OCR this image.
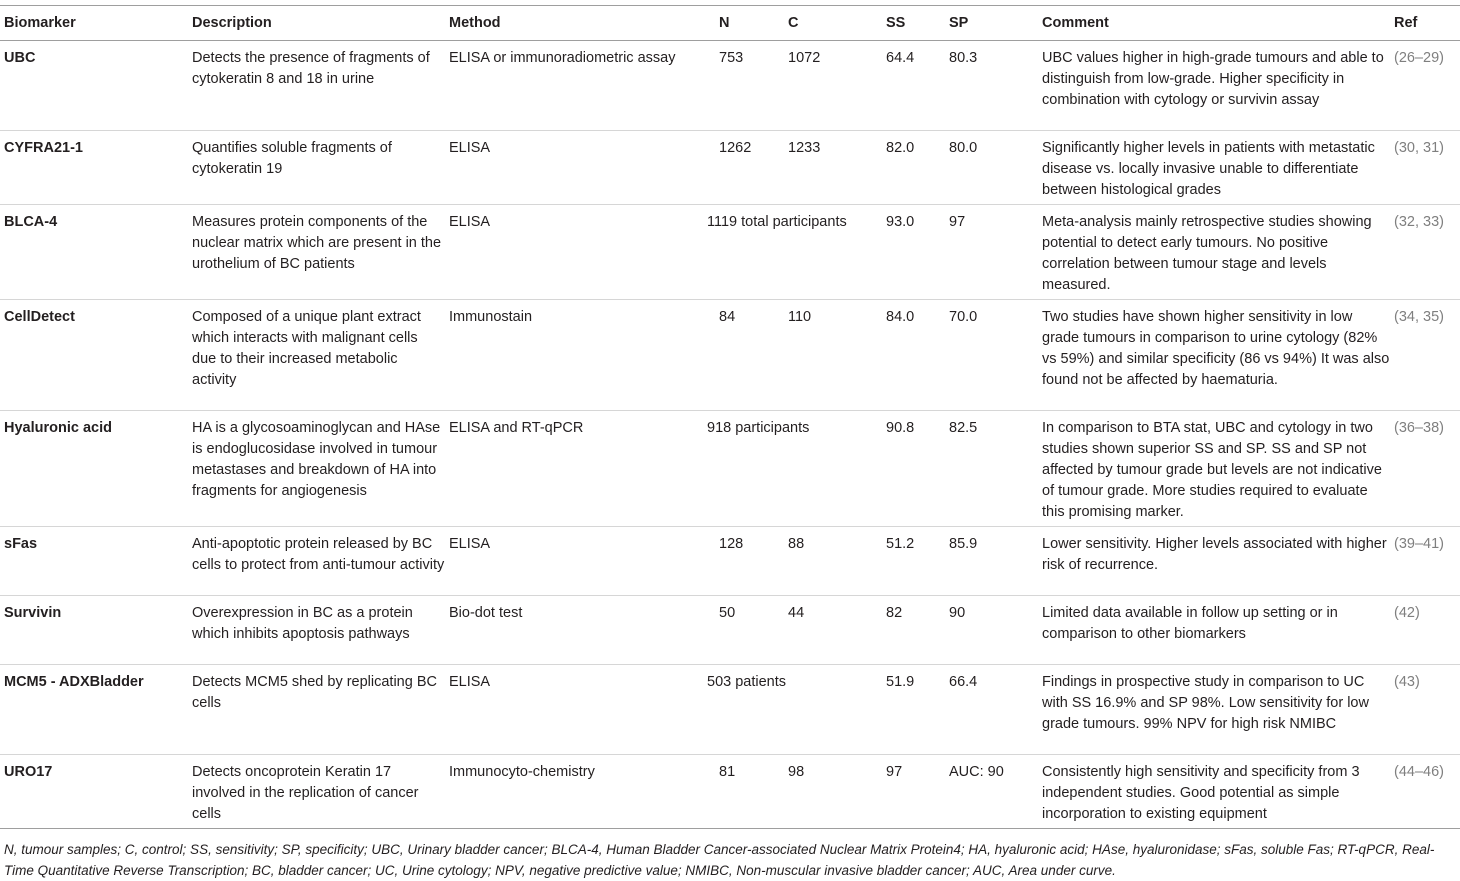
Biomarker	Description	Method	N	C	SS	SP	Comment	Ref

UBC	Detects the presence of fragments of cytokeratin 8 and 18 in urine	ELISA or immunoradiometric assay	753	1072	64.4	80.3	UBC values higher in high-grade tumours and able to distinguish from low-grade. Higher specificity in combination with cytology or survivin assay	(26–29)

CYFRA21-1	Quantifies soluble fragments of cytokeratin 19	ELISA	1262	1233	82.0	80.0	Significantly higher levels in patients with metastatic disease vs. locally invasive unable to differentiate between histological grades	(30, 31)

BLCA-4	Measures protein components of the nuclear matrix which are present in the urothelium of BC patients	ELISA	1119 total participants		93.0	97	Meta-analysis mainly retrospective studies showing potential to detect early tumours. No positive correlation between tumour stage and levels measured.	(32, 33)

CellDetect	Composed of a unique plant extract which interacts with malignant cells due to their increased metabolic activity	Immunostain	84	110	84.0	70.0	Two studies have shown higher sensitivity in low grade tumours in comparison to urine cytology (82% vs 59%) and similar specificity (86 vs 94%) It was also found not be affected by haematuria.	(34, 35)

Hyaluronic acid	HA is a glycosoaminoglycan and HAse is endoglucosidase involved in tumour metastases and breakdown of HA into fragments for angiogenesis	ELISA and RT-qPCR	918 participants		90.8	82.5	In comparison to BTA stat, UBC and cytology in two studies shown superior SS and SP. SS and SP not affected by tumour grade but levels are not indicative of tumour grade. More studies required to evaluate this promising marker.	(36–38)

sFas	Anti-apoptotic protein released by BC cells to protect from anti-tumour activity	ELISA	128	88	51.2	85.9	Lower sensitivity. Higher levels associated with higher risk of recurrence.	(39–41)

Survivin	Overexpression in BC as a protein which inhibits apoptosis pathways	Bio-dot test	50	44	82	90	Limited data available in follow up setting or in comparison to other biomarkers	(42)

MCM5 - ADXBladder	Detects MCM5 shed by replicating BC cells	ELISA	503 patients		51.9	66.4	Findings in prospective study in comparison to UC with SS 16.9% and SP 98%. Low sensitivity for low grade tumours. 99% NPV for high risk NMIBC	(43)

URO17	Detects oncoprotein Keratin 17 involved in the replication of cancer cells	Immunocyto-chemistry	81	98	97	AUC: 90	Consistently high sensitivity and specificity from 3 independent studies. Good potential as simple incorporation to existing equipment	(44–46)
N, tumour samples; C, control; SS, sensitivity; SP, specificity; UBC, Urinary bladder cancer; BLCA-4, Human Bladder Cancer-associated Nuclear Matrix Protein4; HA, hyaluronic acid; HAse, hyaluronidase; sFas, soluble Fas; RT-qPCR, Real-Time Quantitative Reverse Transcription; BC, bladder cancer; UC, Urine cytology; NPV, negative predictive value; NMIBC, Non-muscular invasive bladder cancer; AUC, Area under curve.
